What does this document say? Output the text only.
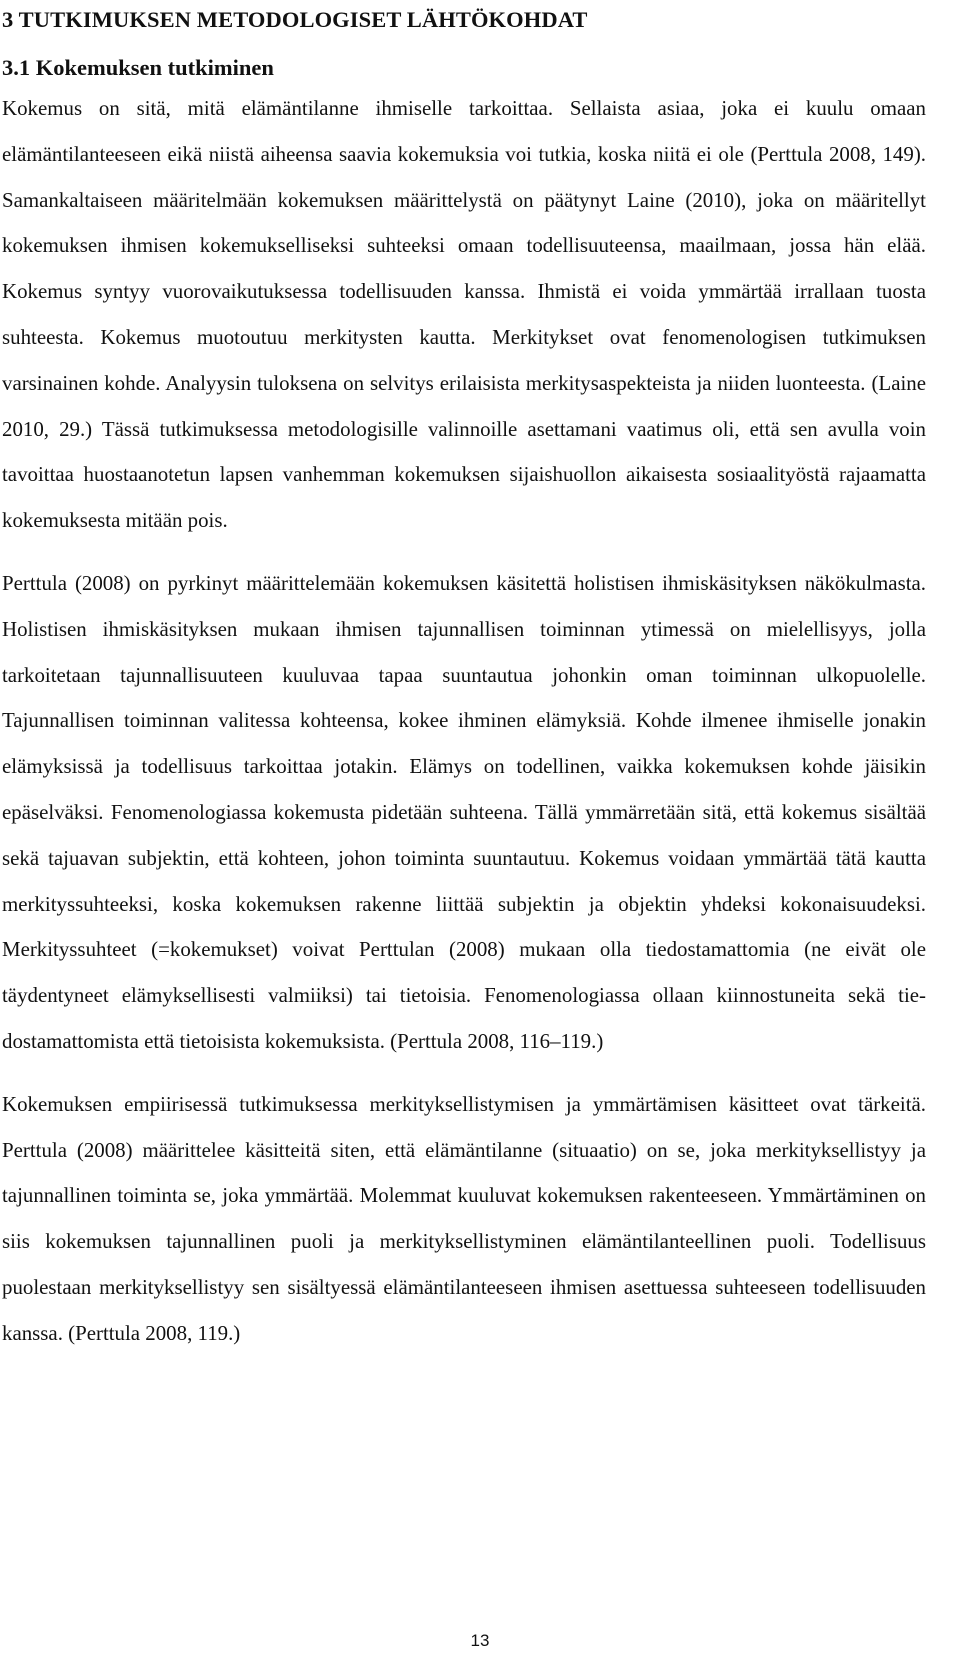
3 TUTKIMUKSEN METODOLOGISET LÄHTÖKOHDAT
3.1 Kokemuksen tutkiminen

Kokemus on sitä, mitä elämäntilanne ihmiselle tarkoittaa. Sellaista asiaa, joka ei kuulu omaan elämäntilanteeseen eikä niistä aiheensa saavia kokemuksia voi tutkia, koska niitä ei ole (Perttula 2008, 149). Samankaltaiseen määritelmään kokemuksen määrittelystä on päätynyt Laine (2010), joka on määritellyt kokemuksen ihmisen kokemukselliseksi suhteeksi omaan todellisuuteensa, maailmaan, jossa hän elää. Kokemus syntyy vuorovaikutuksessa todellisuuden kanssa. Ihmistä ei voida ymmärtää irrallaan tuosta suhteesta. Kokemus muotoutuu merkitysten kautta. Merkitykset ovat fenomenologisen tutkimuksen varsinainen kohde. Analyysin tuloksena on selvitys erilaisista merkitysaspekteista ja niiden luonteesta. (Laine 2010, 29.) Tässä tutkimuksessa metodologisille valinnoille asettamani vaatimus oli, että sen avulla voin tavoittaa huostaanotetun lapsen vanhemman kokemuksen sijaishuollon aikaisesta sosiaalityöstä rajaamatta kokemuksesta mitään pois.

Perttula (2008) on pyrkinyt määrittelemään kokemuksen käsitettä holistisen ihmiskäsityksen näkökulmasta. Holistisen ihmiskäsityksen mukaan ihmisen tajunnallisen toiminnan ytimessä on mielellisyys, jolla tarkoitetaan tajunnallisuuteen kuuluvaa tapaa suuntautua johonkin oman toiminnan ulkopuolelle. Tajunnallisen toiminnan valitessa kohteensa, kokee ihminen elämyksiä. Kohde ilmenee ihmiselle jonakin elämyksissä ja todellisuus tarkoittaa jotakin. Elämys on todellinen, vaikka kokemuksen kohde jäisikin epäselväksi. Fenomenologiassa kokemusta pidetään suhteena. Tällä ymmärretään sitä, että kokemus sisältää sekä tajuavan subjektin, että kohteen, johon toiminta suuntautuu. Kokemus voidaan ymmärtää tätä kautta merkityssuhteeksi, koska kokemuksen rakenne liittää subjektin ja objektin yhdeksi kokonaisuudeksi. Merkityssuhteet (=kokemukset) voivat Perttulan (2008) mukaan olla tiedostamattomia (ne eivät ole täydentyneet elämyksellisesti valmiiksi) tai tietoisia. Fenomenologiassa ollaan kiinnostuneita sekä tiedostamattomista että tietoisista kokemuksista. (Perttula 2008, 116–119.)

Kokemuksen empiirisessä tutkimuksessa merkityksellistymisen ja ymmärtämisen käsitteet ovat tärkeitä. Perttula (2008) määrittelee käsitteitä siten, että elämäntilanne (situaatio) on se, joka merkityksellistyy ja tajunnallinen toiminta se, joka ymmärtää. Molemmat kuuluvat kokemuksen rakenteeseen. Ymmärtäminen on siis kokemuksen tajunnallinen puoli ja merkityksellistyminen elämäntilanteellinen puoli. Todellisuus puolestaan merkityksellistyy sen sisältyessä elämäntilanteeseen ihmisen asettuessa suhteeseen todellisuuden kanssa. (Perttula 2008, 119.)

13
